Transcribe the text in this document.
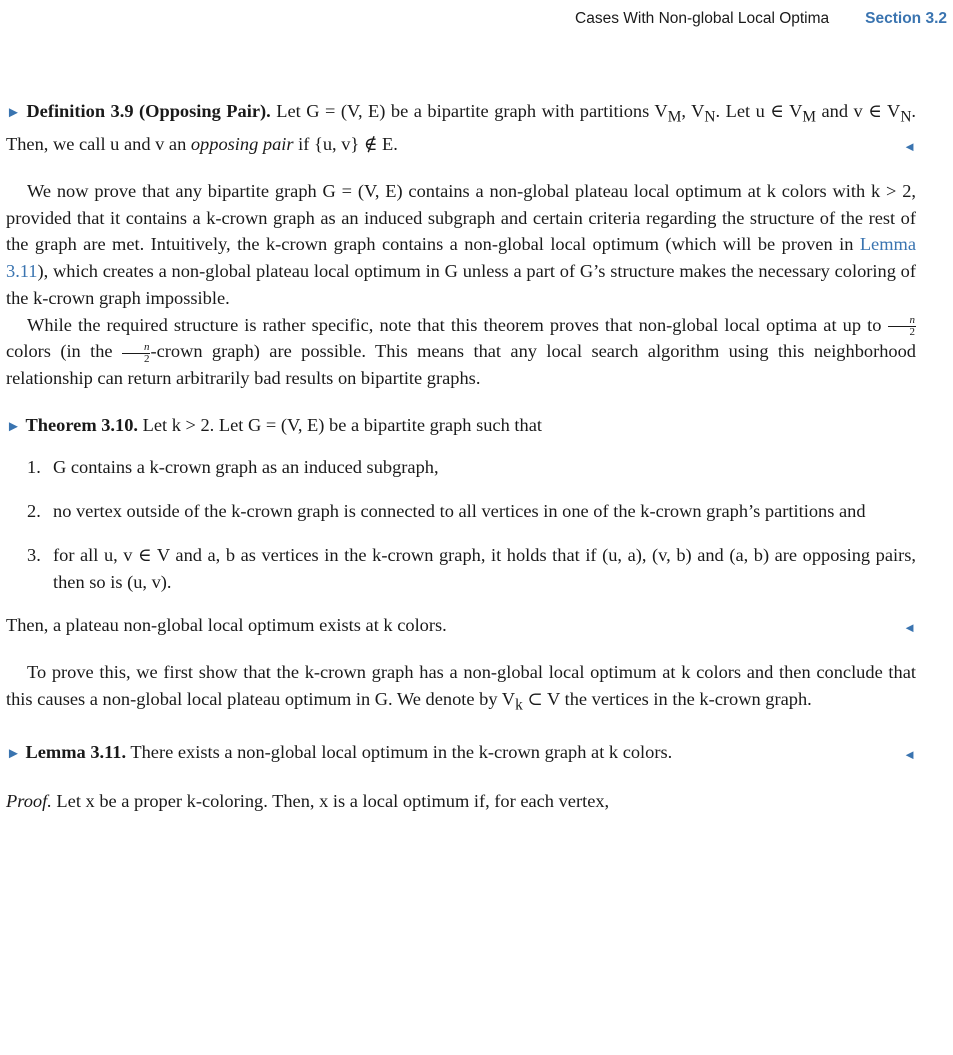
Cases With Non-global Local Optima Section 3.2

► Definition 3.9 (Opposing Pair). Let G = (V, E) be a bipartite graph with partitions $V_M$, $V_N$. Let u ∈ $V_M$ and v ∈ $V_N$. Then, we call u and v an opposing pair if {u, v} ∉ E.	◄

We now prove that any bipartite graph G = (V, E) contains a non-global plateau local optimum at k colors with k > 2, provided that it contains a k-crown graph as an induced subgraph and certain criteria regarding the structure of the rest of the graph are met. Intuitively, the k-crown graph contains a non-global local optimum (which will be proven in Lemma 3.11), which creates a non-global plateau local optimum in G unless a part of G’s structure makes the necessary coloring of the k-crown graph impossible.

While the required structure is rather specific, note that this theorem proves that non-global local optima at up to $\frac{n}{2}$
colors (in the $\frac{n}{2}$ -crown graph) are possible. This means that any local search algorithm using this neighborhood relationship can return arbitrarily bad results on bipartite graphs.

► Theorem 3.10. Let k > 2. Let G = (V, E) be a bipartite graph such that

1. G contains a k-crown graph as an induced subgraph,
2. no vertex outside of the k-crown graph is connected to all vertices in one of the k-crown graph’s partitions and
3. for all u, v ∈ V and a, b as vertices in the k-crown graph, it holds that if (u, a), (v, b) and (a, b) are opposing pairs, then so is (u, v).

Then, a plateau non-global local optimum exists at k colors.	◄

To prove this, we first show that the k-crown graph has a non-global local optimum at k colors and then conclude that this causes a non-global local plateau optimum in G. We denote by $V_k$ ⊂ V the vertices in the k-crown graph.

► Lemma 3.11. There exists a non-global local optimum in the k-crown graph at k colors.	◄

Proof. Let x be a proper k-coloring. Then, x is a local optimum if, for each vertex,
